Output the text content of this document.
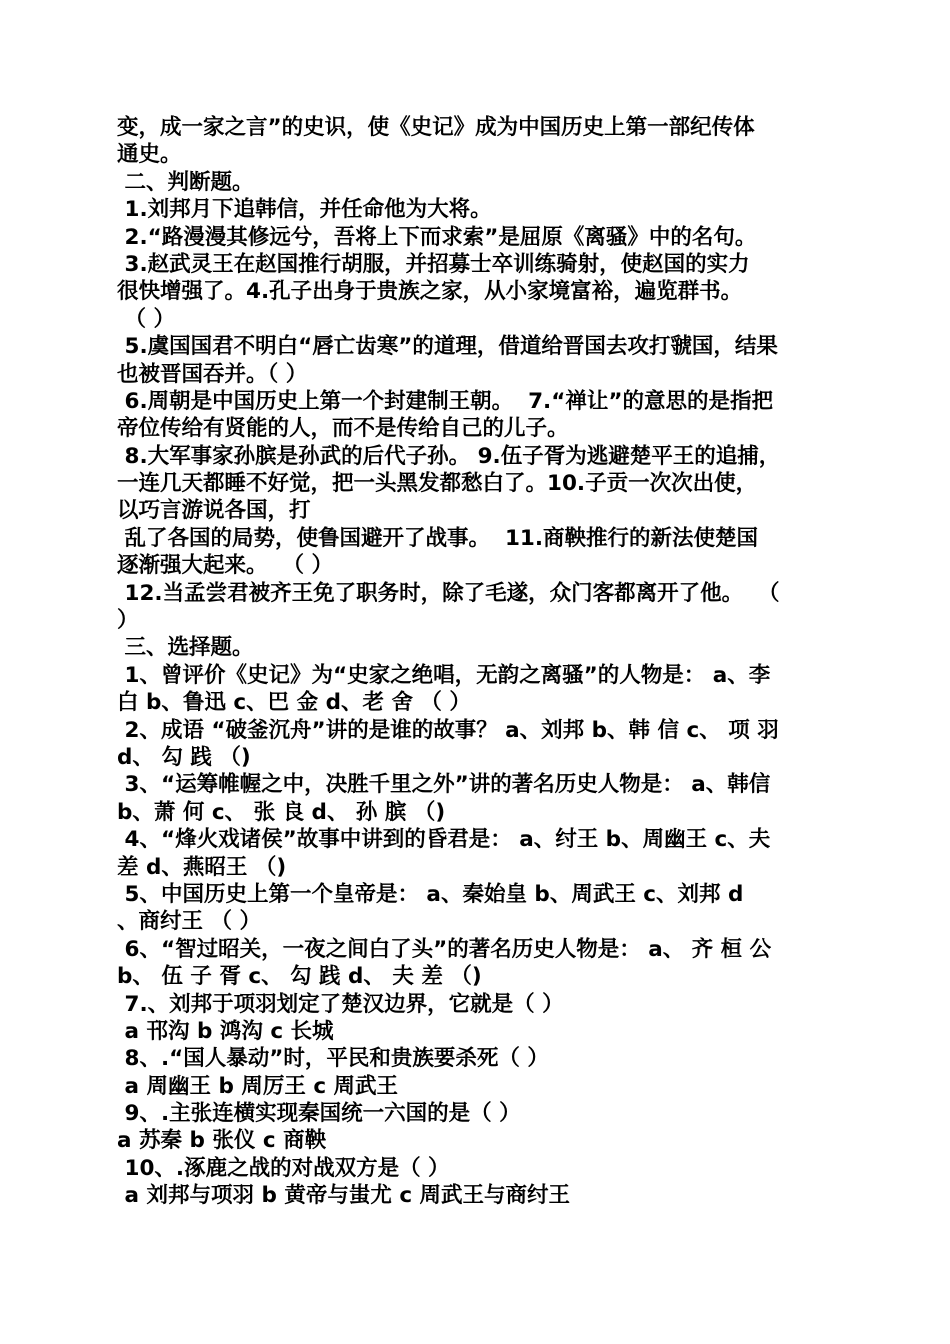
变，成一家之言”的史识，使《史记》成为中国历史上第一部纪传体
通史。
二、判断题。
1.刘邦月下追韩信，并任命他为大将。
2.“路漫漫其修远兮，吾将上下而求索”是屈原《离骚》中的名句。
3.赵武灵王在赵国推行胡服，并招募士卒训练骑射，使赵国的实力
很快增强了。4.孔子出身于贵族之家，从小家境富裕，遍览群书。
（ ）
5.虞国国君不明白“唇亡齿寒”的道理，借道给晋国去攻打虢国，结果
也被晋国吞并。（ ）
6.周朝是中国历史上第一个封建制王朝。  7.“禅让”的意思的是指把
帝位传给有贤能的人，而不是传给自己的儿子。
8.大军事家孙膑是孙武的后代子孙。 9.伍子胥为逃避楚平王的追捕，
一连几天都睡不好觉，把一头黑发都愁白了。10.子贡一次次出使，
以巧言游说各国，打
乱了各国的局势，使鲁国避开了战事。  11.商鞅推行的新法使楚国
逐渐强大起来。  （ ）
12.当孟尝君被齐王免了职务时，除了毛遂，众门客都离开了他。  （
）
三、选择题。
1、曾评价《史记》为“史家之绝唱，无韵之离骚”的人物是： a、李
白 b、鲁迅 c、巴 金 d、老 舍 （ ）
2、成语 “破釜沉舟”讲的是谁的故事？ a、刘邦 b、韩 信 c、 项 羽
d、 勾 践 （)
3、“运筹帷幄之中，决胜千里之外”讲的著名历史人物是： a、韩信
b、萧 何 c、 张 良 d、 孙 膑 （)
4、“烽火戏诸侯”故事中讲到的昏君是： a、纣王 b、周幽王 c、夫
差 d、燕昭王 （)
5、中国历史上第一个皇帝是： a、秦始皇 b、周武王 c、刘邦 d
、商纣王 （ ）
6、“智过昭关，一夜之间白了头”的著名历史人物是： a、 齐 桓 公
b、 伍 子 胥 c、 勾 践 d、 夫 差 （)
7.、刘邦于项羽划定了楚汉边界，它就是（ ）
a 邗沟 b 鸿沟 c 长城
8、.“国人暴动”时，平民和贵族要杀死（ ）
a 周幽王 b 周厉王 c 周武王
9、.主张连横实现秦国统一六国的是（ ）
a 苏秦 b 张仪 c 商鞅
10、.涿鹿之战的对战双方是（ ）
a 刘邦与项羽 b 黄帝与蚩尤 c 周武王与商纣王
